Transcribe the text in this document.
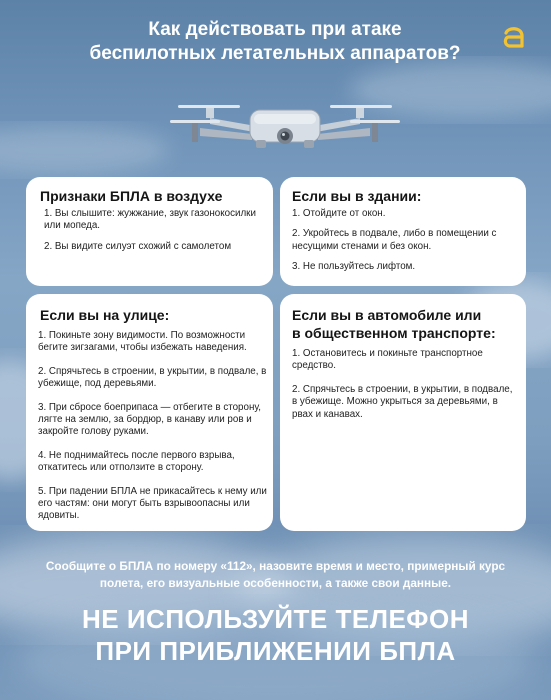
Как действовать при атаке
беспилотных летательных аппаратов?
Признаки БПЛА в воздухе
1. Вы слышите: жужжание, звук газонокосилки или мопеда.
2. Вы видите силуэт схожий с самолетом
Если вы в здании:
1. Отойдите от окон.
2. Укройтесь в подвале, либо в помещении с несущими стенами и без окон.
3. Не пользуйтесь лифтом.
Если вы на улице:
1. Покиньте зону видимости. По возможности бегите зигзагами, чтобы избежать наведения.
2. Спрячьтесь в строении, в укрытии, в подвале, в убежище, под деревьями.
3. При сбросе боеприпаса — отбегите в сторону, лягте на землю, за бордюр, в канаву или ров и закройте голову руками.
4. Не поднимайтесь после первого взрыва, откатитесь или отползите в сторону.
5. При падении БПЛА не прикасайтесь к нему или его частям: они могут быть взрывоопасны или ядовиты.
Если вы в автомобиле или
в общественном транспорте:
1. Остановитесь и покиньте транспортное средство.
2. Спрячьтесь в строении, в укрытии, в подвале, в убежище. Можно укрыться за деревьями, в рвах и канавах.
Сообщите о БПЛА по номеру «112», назовите время и место, примерный курс полета, его визуальные особенности, а также свои данные.
НЕ ИСПОЛЬЗУЙТЕ ТЕЛЕФОН
ПРИ ПРИБЛИЖЕНИИ БПЛА
